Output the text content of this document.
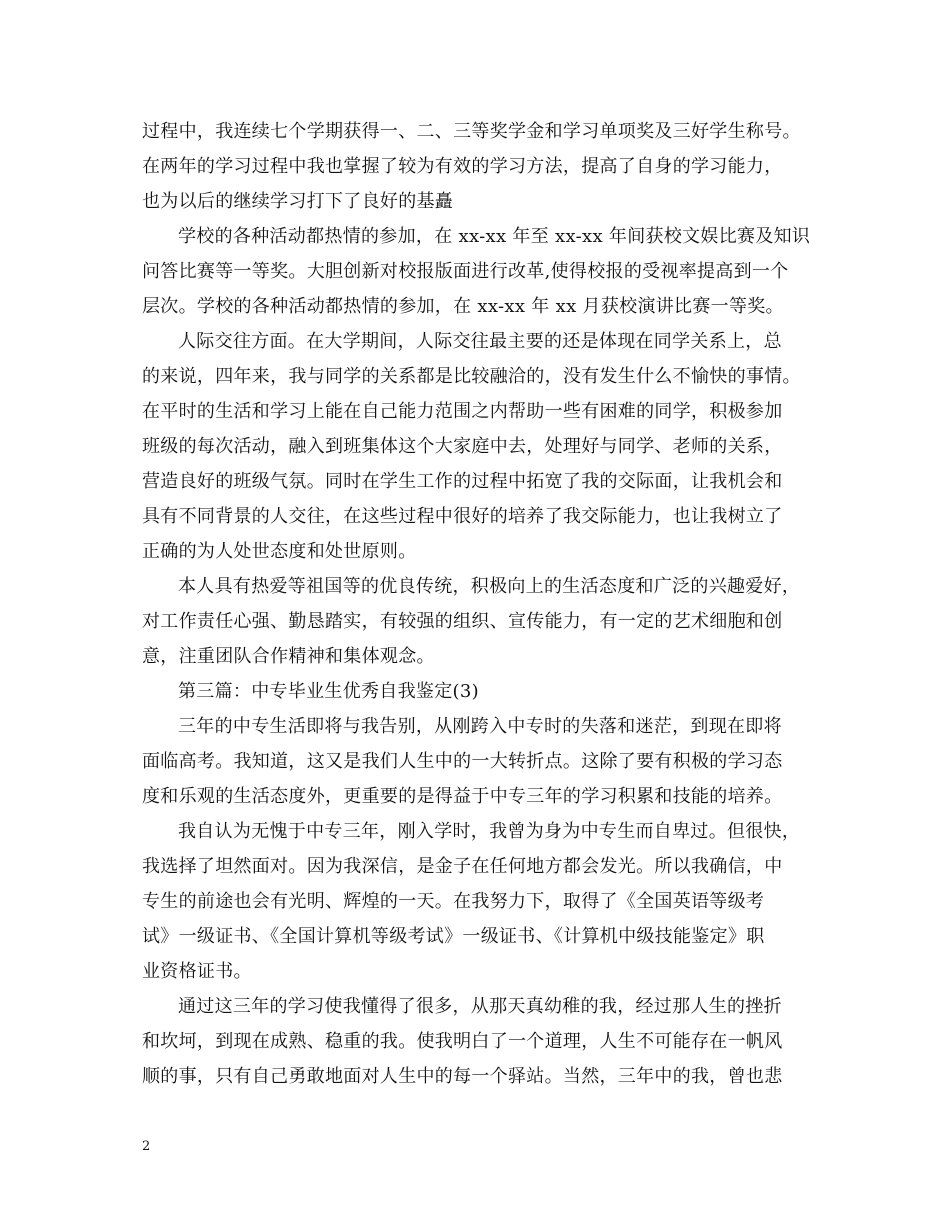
过程中，我连续七个学期获得一、二、三等奖学金和学习单项奖及三好学生称号。
在两年的学习过程中我也掌握了较为有效的学习方法，提高了自身的学习能力，
也为以后的继续学习打下了良好的基矗
学校的各种活动都热情的参加，在 xx-xx 年至 xx-xx 年间获校文娱比赛及知识
问答比赛等一等奖。大胆创新对校报版面进行改革,使得校报的受视率提高到一个
层次。学校的各种活动都热情的参加，在 xx-xx 年 xx 月获校演讲比赛一等奖。
人际交往方面。在大学期间，人际交往最主要的还是体现在同学关系上，总
的来说，四年来，我与同学的关系都是比较融洽的，没有发生什么不愉快的事情。
在平时的生活和学习上能在自己能力范围之内帮助一些有困难的同学，积极参加
班级的每次活动，融入到班集体这个大家庭中去，处理好与同学、老师的关系，
营造良好的班级气氛。同时在学生工作的过程中拓宽了我的交际面，让我机会和
具有不同背景的人交往，在这些过程中很好的培养了我交际能力，也让我树立了
正确的为人处世态度和处世原则。
本人具有热爱等祖国等的优良传统，积极向上的生活态度和广泛的兴趣爱好，
对工作责任心强、勤恳踏实，有较强的组织、宣传能力，有一定的艺术细胞和创
意，注重团队合作精神和集体观念。
第三篇：中专毕业生优秀自我鉴定(3)
三年的中专生活即将与我告别，从刚跨入中专时的失落和迷茫，到现在即将
面临高考。我知道，这又是我们人生中的一大转折点。这除了要有积极的学习态
度和乐观的生活态度外，更重要的是得益于中专三年的学习积累和技能的培养。
我自认为无愧于中专三年，刚入学时，我曾为身为中专生而自卑过。但很快，
我选择了坦然面对。因为我深信，是金子在任何地方都会发光。所以我确信，中
专生的前途也会有光明、辉煌的一天。在我努力下，取得了《全国英语等级考
试》一级证书、《全国计算机等级考试》一级证书、《计算机中级技能鉴定》职
业资格证书。
通过这三年的学习使我懂得了很多，从那天真幼稚的我，经过那人生的挫折
和坎坷，到现在成熟、稳重的我。使我明白了一个道理，人生不可能存在一帆风
顺的事，只有自己勇敢地面对人生中的每一个驿站。当然，三年中的我，曾也悲
2
